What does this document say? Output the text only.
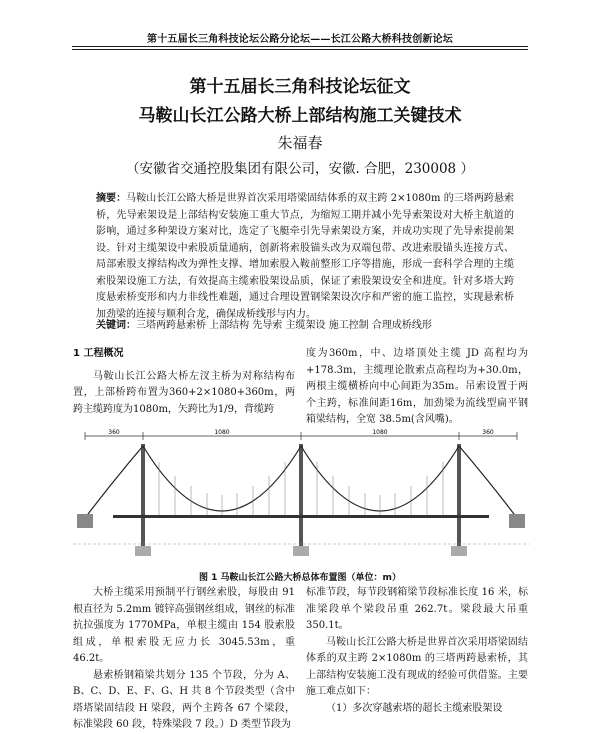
第十五届长三角科技论坛公路分论坛——长江公路大桥科技创新论坛
第十五届长三角科技论坛征文
马鞍山长江公路大桥上部结构施工关键技术
朱福春
（安徽省交通控股集团有限公司，安徽. 合肥，230008 ）
摘要：马鞍山长江公路大桥是世界首次采用塔梁固结体系的双主跨 2×1080m 的三塔两跨悬索桥，先导索架设是上部结构安装施工重大节点，为缩短工期并减小先导索架设对大桥主航道的影响，通过多种架设方案对比，选定了飞艇牵引先导索架设方案，并成功实现了先导索提前架设。针对主缆架设中索股质量通病，创新将索股锚头改为双端包带、改进索股锚头连接方式、局部索股支撑结构改为弹性支撑、增加索股入鞍前整形工序等措施，形成一套科学合理的主缆索股架设施工方法，有效提高主缆索股架设品质，保证了索股架设安全和进度。针对多塔大跨度悬索桥变形和内力非线性难题，通过合理设置钢梁架设次序和严密的施工监控，实现悬索桥加劲梁的连接与顺利合龙，确保成桥线形与内力。
关键词：三塔两跨悬索桥 上部结构 先导索 主缆架设 施工控制 合理成桥线形
1 工程概况

马鞍山长江公路大桥左汊主桥为对称结构布置，上部桥跨布置为360+2×1080+360m，两跨主缆跨度为1080m，矢跨比为1/9，背缆跨

度为360m，中、边塔顶处主缆 JD 高程均为+178.3m，主缆理论散索点高程均为+30.0m，两根主缆横桥向中心间距为35m。吊索设置于两个主跨，标准间距16m，加劲梁为流线型扁平钢箱梁结构，全宽 38.5m(含风嘴)。

360	1080	1080	360
图 1 马鞍山长江公路大桥总体布置图（单位：m）

大桥主缆采用预制平行钢丝索股，每股由 91 根直径为 5.2mm 镀锌高强钢丝组成，钢丝的标准抗拉强度为 1770MPa，单根主缆由 154 股索股组成，单根索股无应力长 3045.53m，重 46.2t。

悬索桥钢箱梁共划分 135 个节段，分为 A、B、C、D、E、F、G、H 共 8 个节段类型（含中塔塔梁固结段 H 梁段，两个主跨各 67 个梁段，标准梁段 60 段，特殊梁段 7 段。）D 类型节段为

标准节段，每节段钢箱梁节段标准长度 16 米，标准梁段单个梁段吊重 262.7t。梁段最大吊重 350.1t。

马鞍山长江公路大桥是世界首次采用塔梁固结体系的双主跨 2×1080m 的三塔两跨悬索桥，其上部结构安装施工没有现成的经验可供借鉴。主要施工难点如下：

（1）多次穿越索塔的超长主缆索股架设
